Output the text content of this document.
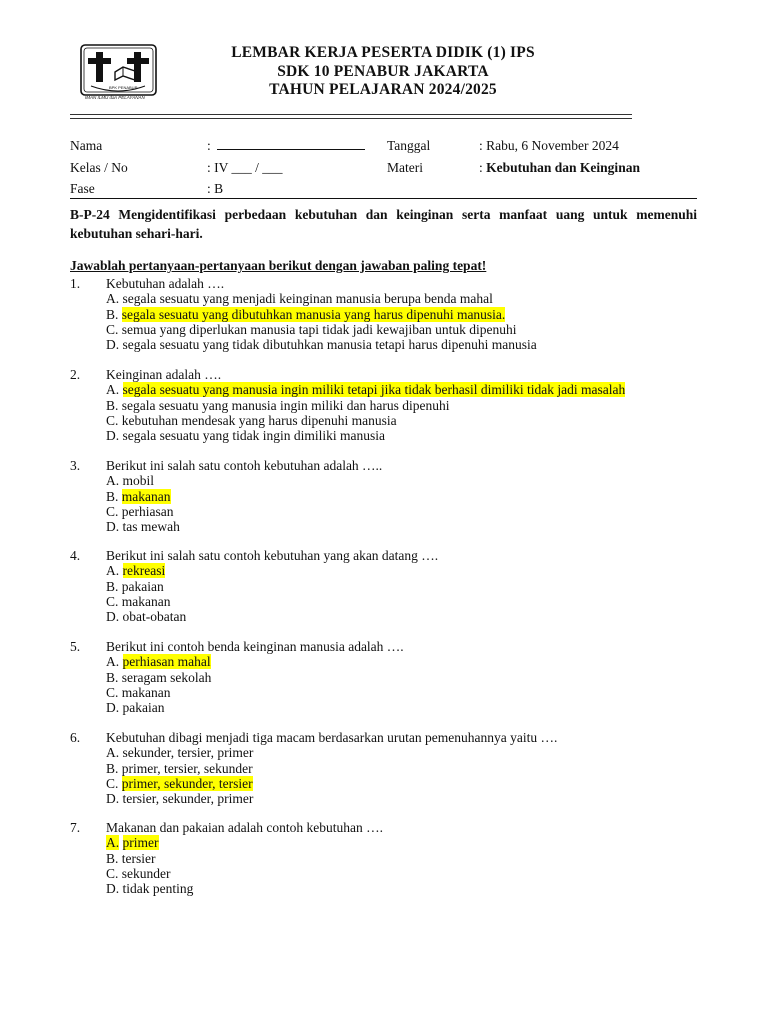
BPK PENABUR
IMAN ILMU dan PELAYANAN
LEMBAR KERJA PESERTA DIDIK (1) IPS
SDK 10 PENABUR JAKARTA
TAHUN PELAJARAN 2024/2025
Nama	:	Tanggal	: Rabu, 6 November 2024
Kelas / No	: IV ___ / ___	Materi	: Kebutuhan dan Keinginan
Fase	: B
B-P-24 Mengidentifikasi perbedaan kebutuhan dan keinginan serta manfaat uang untuk memenuhi kebutuhan sehari-hari.
Jawablah pertanyaan-pertanyaan berikut dengan jawaban paling tepat!
1. Kebutuhan adalah ….
A. segala sesuatu yang menjadi keinginan manusia berupa benda mahal
B. segala sesuatu yang dibutuhkan manusia yang harus dipenuhi manusia.
C. semua yang diperlukan manusia tapi tidak jadi kewajiban untuk dipenuhi
D. segala sesuatu yang tidak dibutuhkan manusia tetapi harus dipenuhi manusia
2. Keinginan adalah ….
A. segala sesuatu yang manusia ingin miliki tetapi jika tidak berhasil dimiliki tidak jadi masalah
B. segala sesuatu yang manusia ingin miliki dan harus dipenuhi
C. kebutuhan mendesak yang harus dipenuhi manusia
D. segala sesuatu yang tidak ingin dimiliki manusia
3. Berikut ini salah satu contoh kebutuhan adalah …..
A. mobil
B. makanan
C. perhiasan
D. tas mewah
4. Berikut ini salah satu contoh kebutuhan yang akan datang ….
A. rekreasi
B. pakaian
C. makanan
D. obat-obatan
5. Berikut ini contoh benda keinginan manusia adalah ….
A. perhiasan mahal
B. seragam sekolah
C. makanan
D. pakaian
6. Kebutuhan dibagi menjadi tiga macam berdasarkan urutan pemenuhannya yaitu ….
A. sekunder, tersier, primer
B. primer, tersier, sekunder
C. primer, sekunder, tersier
D. tersier, sekunder, primer
7. Makanan dan pakaian adalah contoh kebutuhan ….
A. primer
B. tersier
C. sekunder
D. tidak penting
